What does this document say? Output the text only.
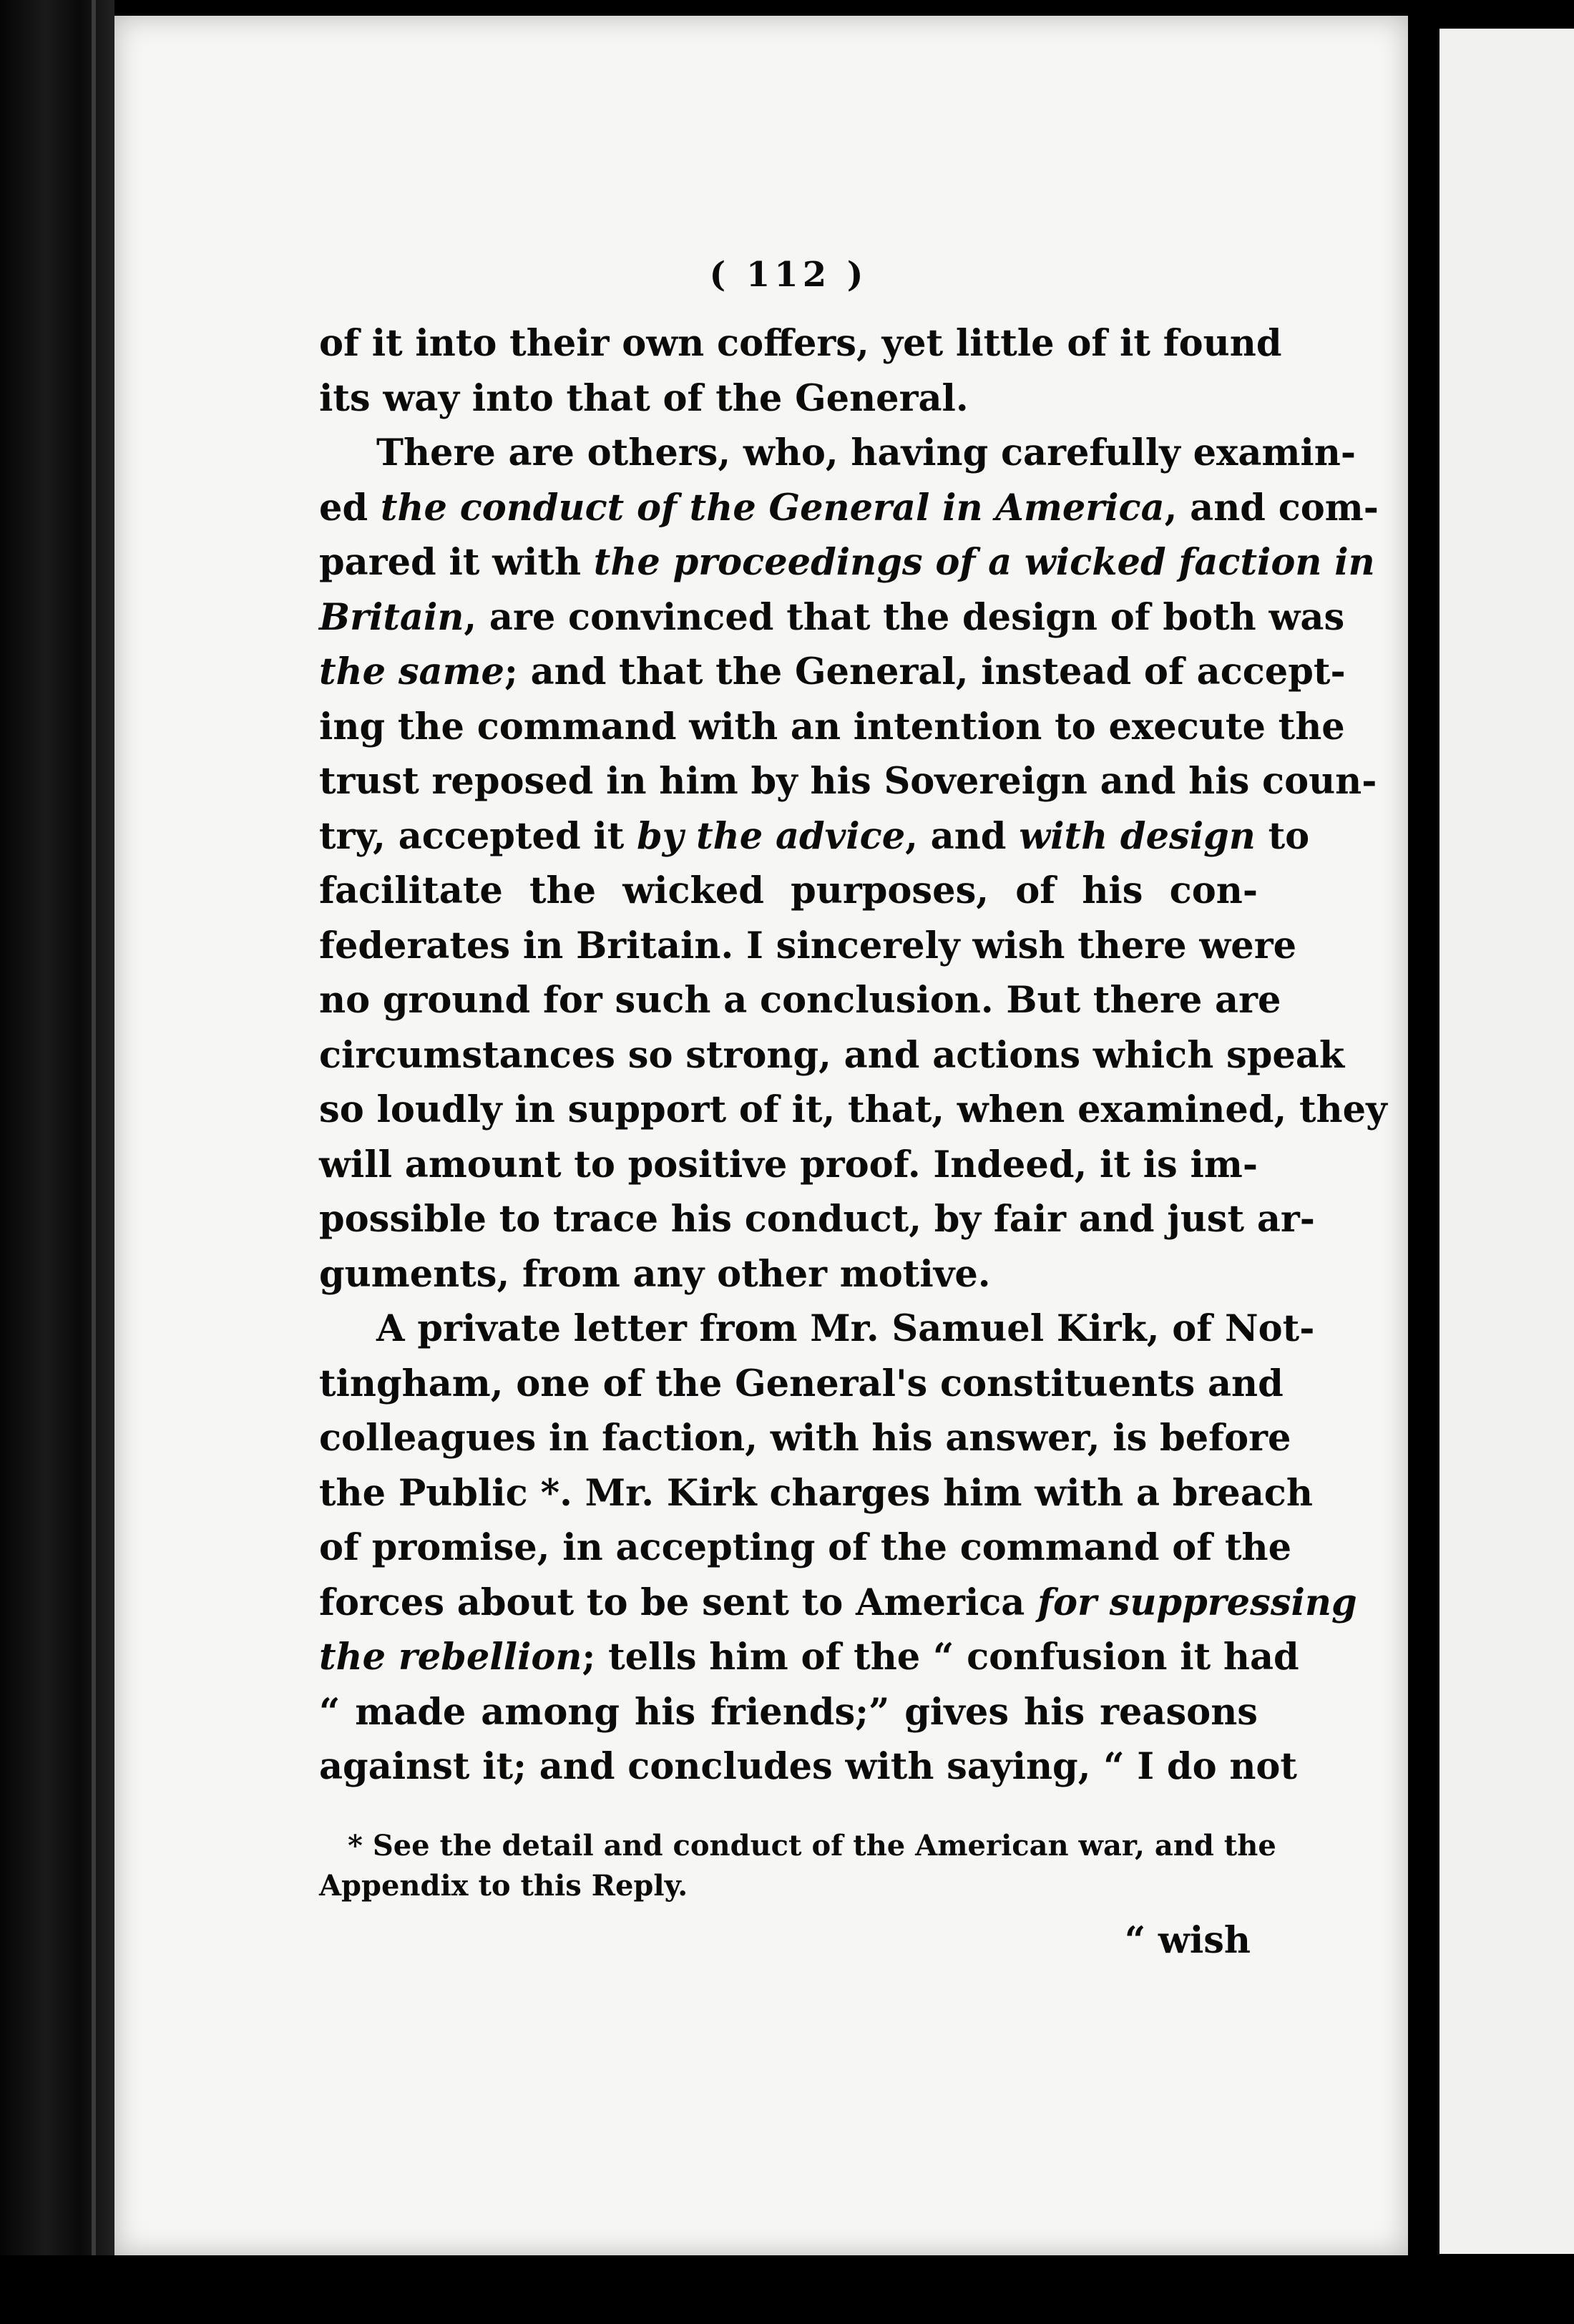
( 112 )
of it into their own coffers, yet little of it found
its way into that of the General.
There are others, who, having carefully examin-
ed the conduct of the General in America, and com-
pared it with the proceedings of a wicked faction in
Britain, are convinced that the design of both was
the same; and that the General, instead of accept-
ing the command with an intention to execute the
trust reposed in him by his Sovereign and his coun-
try, accepted it by the advice, and with design to
facilitate the wicked purposes, of his con-
federates in Britain. I sincerely wish there were
no ground for such a conclusion. But there are
circumstances so strong, and actions which speak
so loudly in support of it, that, when examined, they
will amount to positive proof. Indeed, it is im-
possible to trace his conduct, by fair and just ar-
guments, from any other motive.
A private letter from Mr. Samuel Kirk, of Not-
tingham, one of the General's constituents and
colleagues in faction, with his answer, is before
the Public *. Mr. Kirk charges him with a breach
of promise, in accepting of the command of the
forces about to be sent to America for suppressing
the rebellion; tells him of the “ confusion it had
“ made among his friends;” gives his reasons
against it; and concludes with saying, “ I do not
* See the detail and conduct of the American war, and the
Appendix to this Reply.
“ wish
